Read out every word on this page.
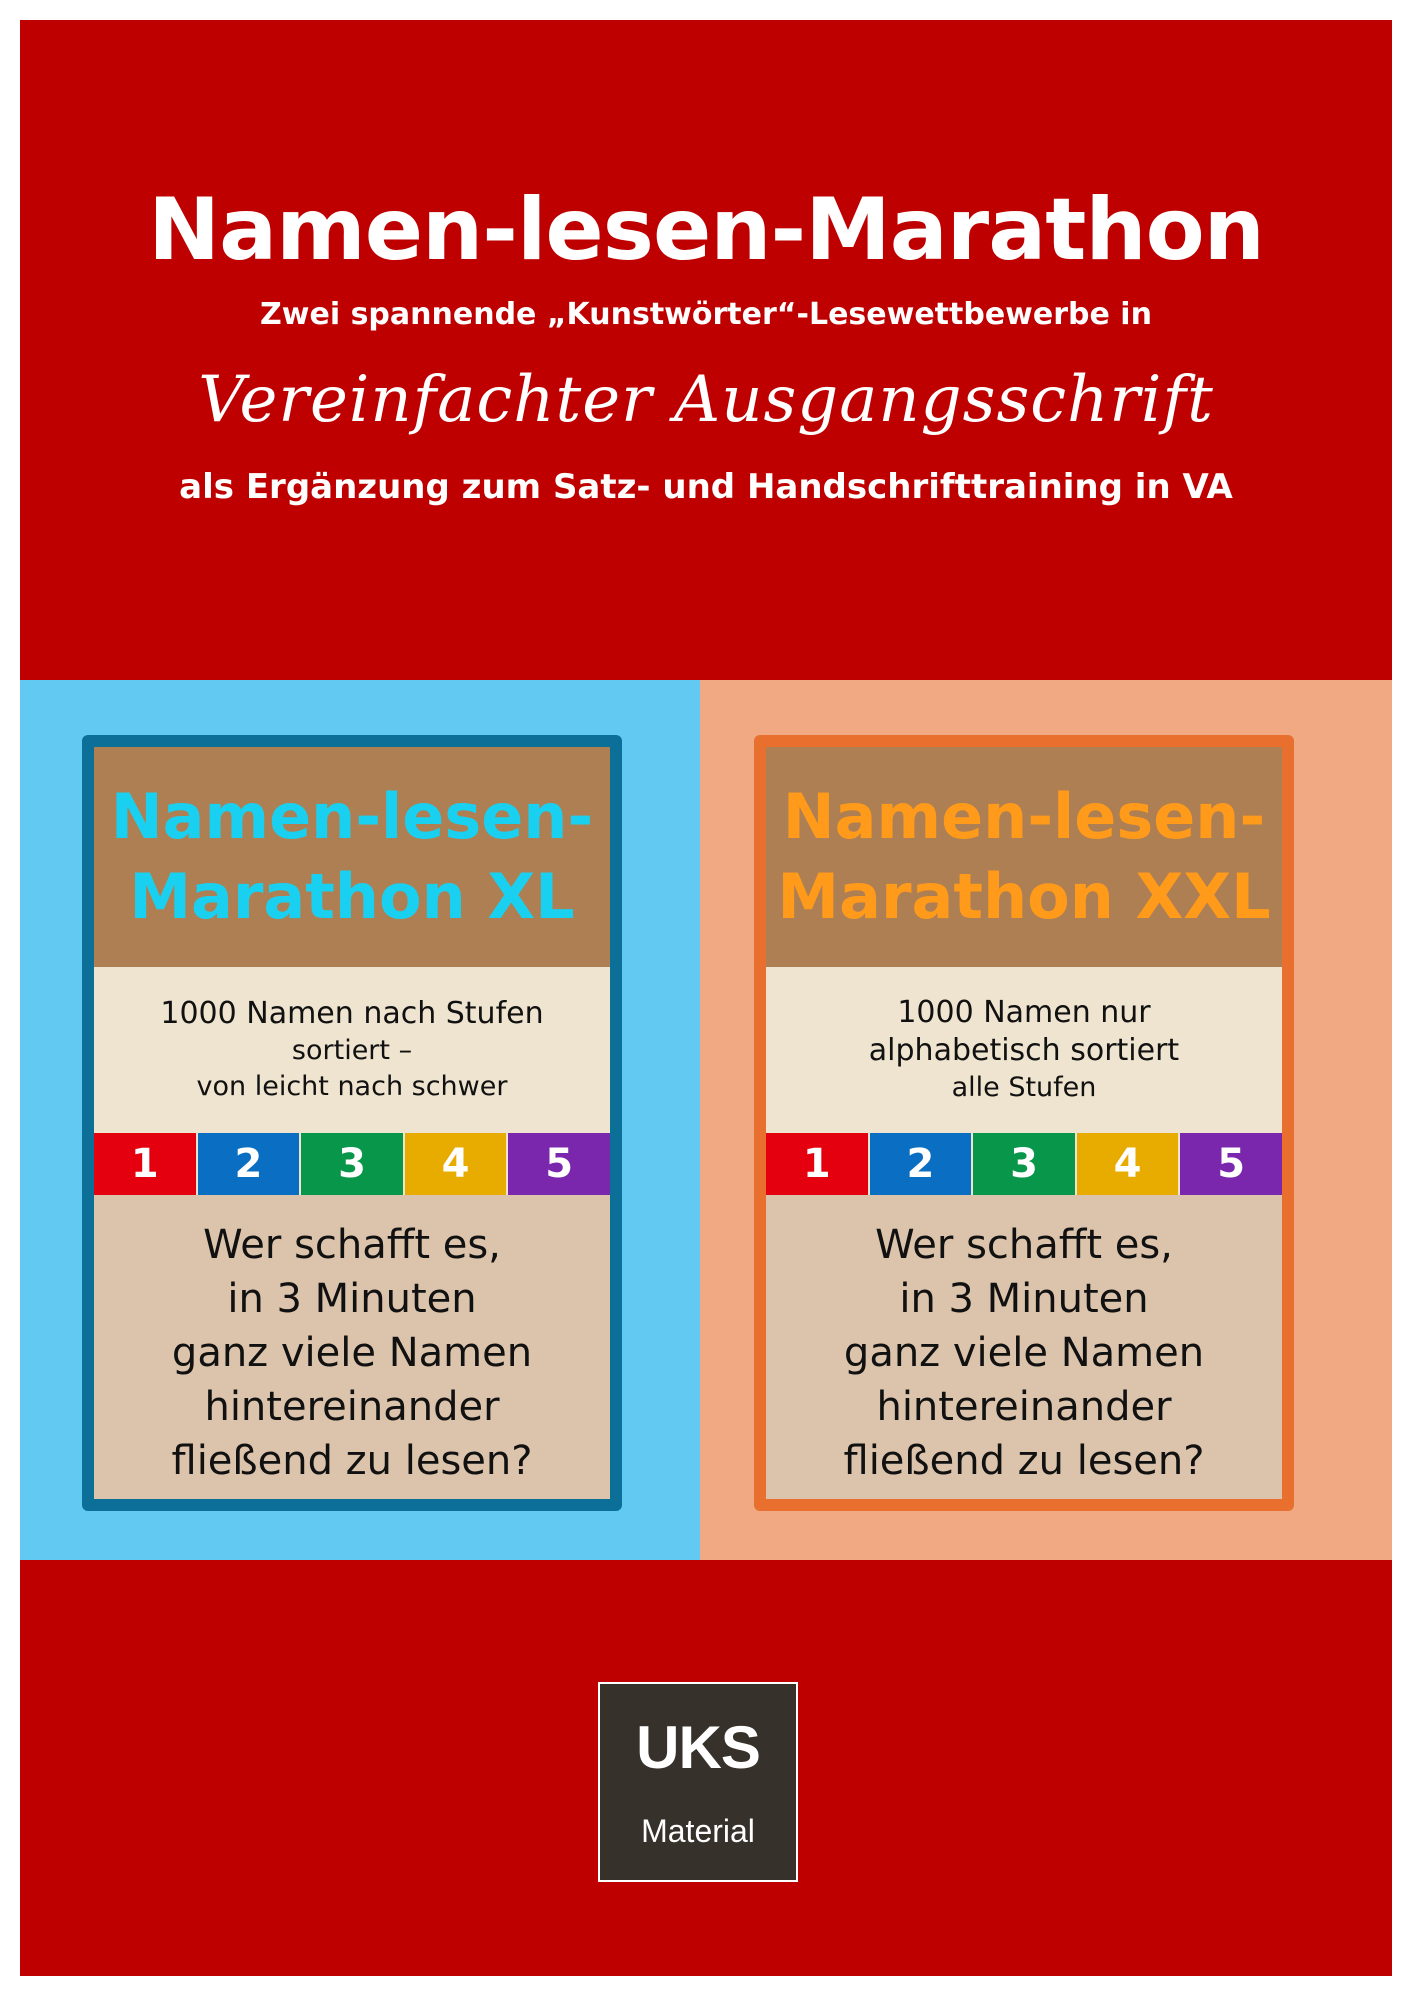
Namen-lesen-Marathon

Zwei spannende „Kunstwörter“-Lesewettbewerbe in

Vereinfachter Ausgangsschrift

als Ergänzung zum Satz- und Handschrifttraining in VA

Namen-lesen-
Marathon XL
1000 Namen nach Stufen
sortiert –
von leicht nach schwer
1	2	3	4	5
Wer schafft es,
in 3 Minuten
ganz viele Namen
hintereinander
fließend zu lesen?
Namen-lesen-
Marathon XXL
1000 Namen nur
alphabetisch sortiert
alle Stufen
1	2	3	4	5
Wer schafft es,
in 3 Minuten
ganz viele Namen
hintereinander
fließend zu lesen?
UKS
Material
